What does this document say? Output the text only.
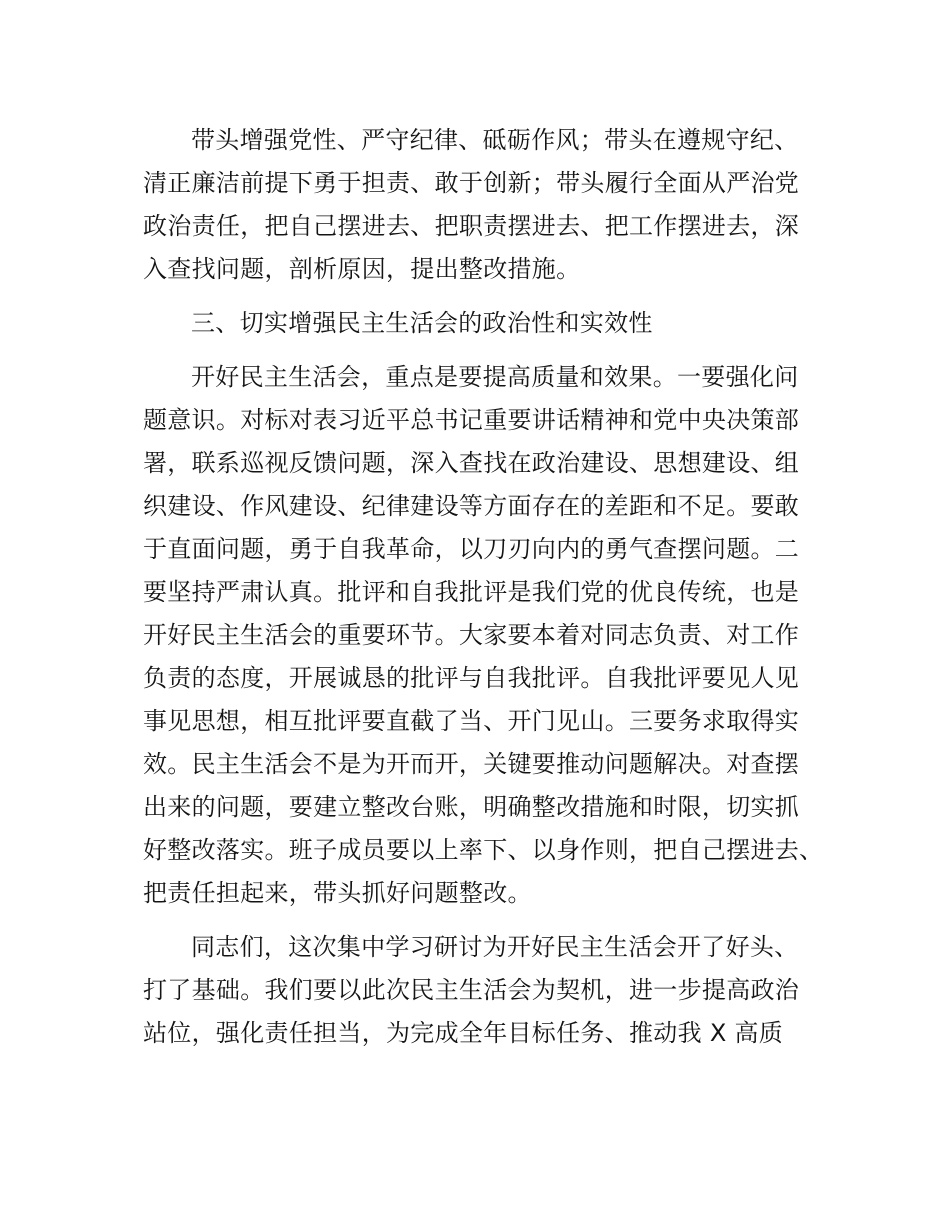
带头增强党性、严守纪律、砥砺作风；带头在遵规守纪、
清正廉洁前提下勇于担责、敢于创新；带头履行全面从严治党
政治责任，把自己摆进去、把职责摆进去、把工作摆进去，深
入查找问题，剖析原因，提出整改措施。
三、切实增强民主生活会的政治性和实效性
开好民主生活会，重点是要提高质量和效果。一要强化问
题意识。对标对表习近平总书记重要讲话精神和党中央决策部
署，联系巡视反馈问题，深入查找在政治建设、思想建设、组
织建设、作风建设、纪律建设等方面存在的差距和不足。要敢
于直面问题，勇于自我革命，以刀刃向内的勇气查摆问题。二
要坚持严肃认真。批评和自我批评是我们党的优良传统，也是
开好民主生活会的重要环节。大家要本着对同志负责、对工作
负责的态度，开展诚恳的批评与自我批评。自我批评要见人见
事见思想，相互批评要直截了当、开门见山。三要务求取得实
效。民主生活会不是为开而开，关键要推动问题解决。对查摆
出来的问题，要建立整改台账，明确整改措施和时限，切实抓
好整改落实。班子成员要以上率下、以身作则，把自己摆进去、
把责任担起来，带头抓好问题整改。
同志们，这次集中学习研讨为开好民主生活会开了好头、
打了基础。我们要以此次民主生活会为契机，进一步提高政治
站位，强化责任担当，为完成全年目标任务、推动我 X 高质
